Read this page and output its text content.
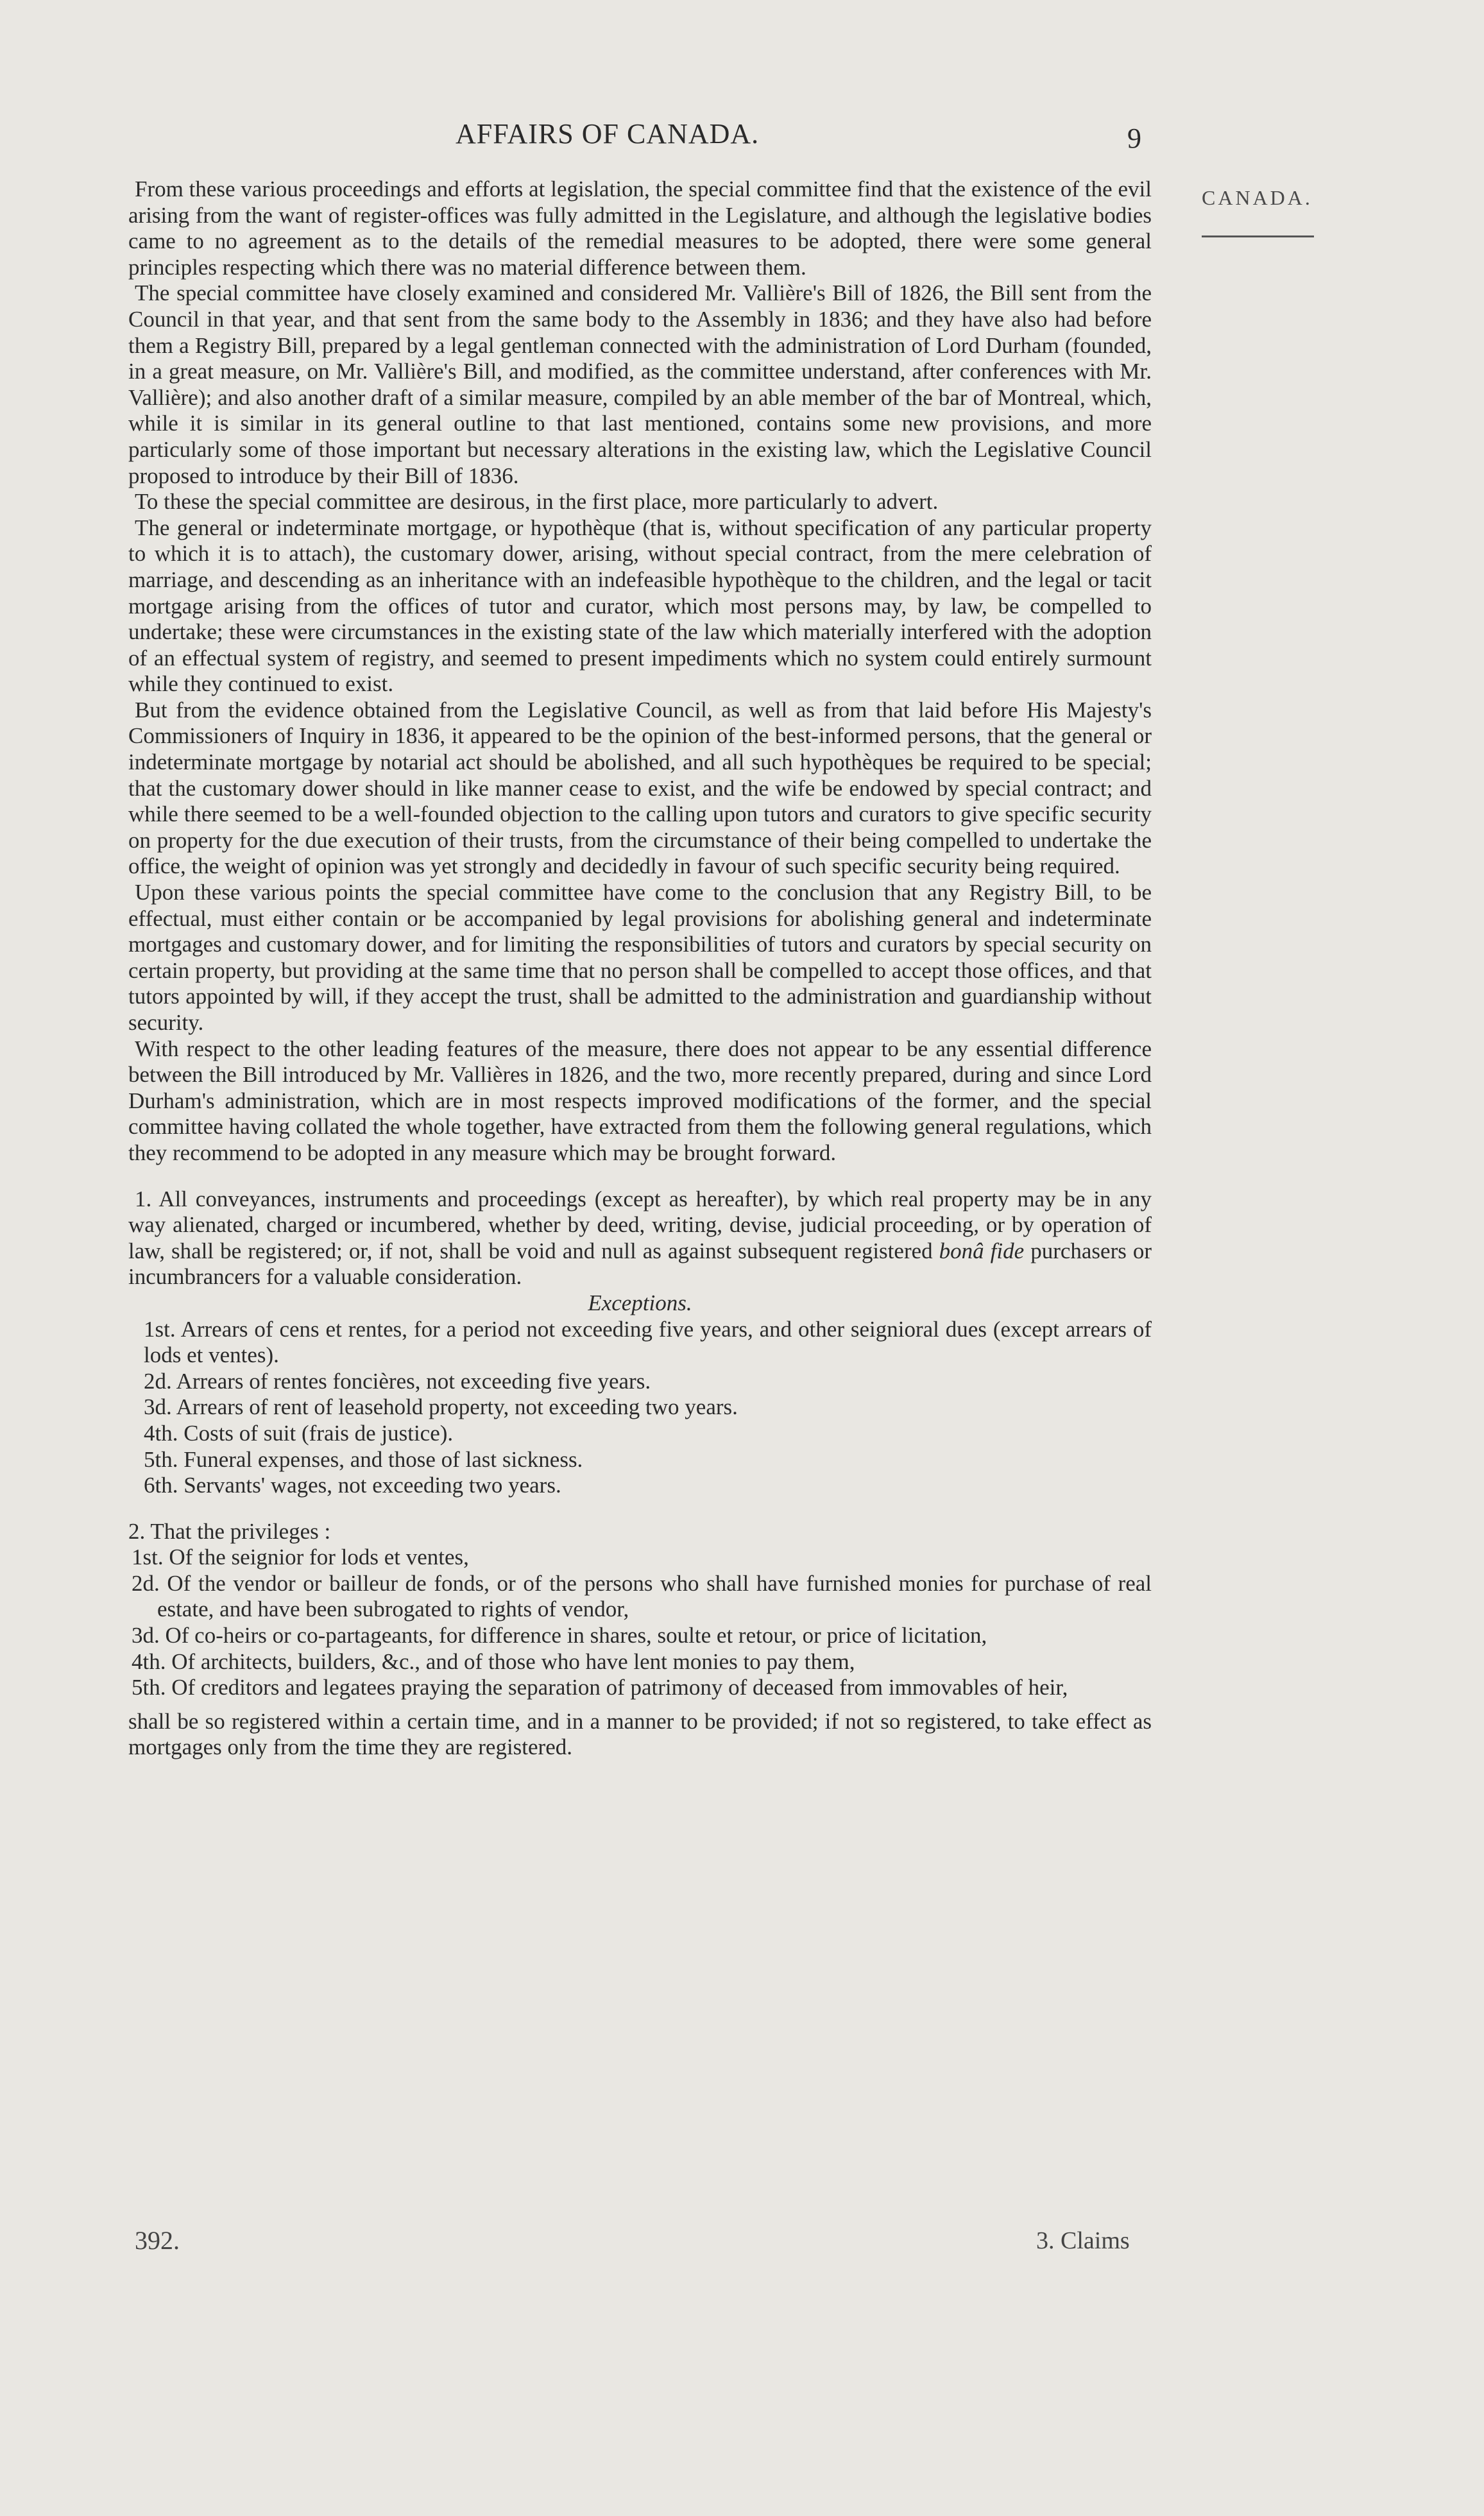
AFFAIRS OF CANADA.	9
CANADA.

From these various proceedings and efforts at legislation, the special committee find that the existence of the evil arising from the want of register-offices was fully admitted in the Legislature, and although the legislative bodies came to no agreement as to the details of the remedial measures to be adopted, there were some general principles respecting which there was no material difference between them.

The special committee have closely examined and considered Mr. Vallière's Bill of 1826, the Bill sent from the Council in that year, and that sent from the same body to the Assembly in 1836; and they have also had before them a Registry Bill, prepared by a legal gentleman connected with the administration of Lord Durham (founded, in a great measure, on Mr. Vallière's Bill, and modified, as the committee understand, after conferences with Mr. Vallière); and also another draft of a similar measure, compiled by an able member of the bar of Montreal, which, while it is similar in its general outline to that last mentioned, contains some new provisions, and more particularly some of those important but necessary alterations in the existing law, which the Legislative Council proposed to introduce by their Bill of 1836.

To these the special committee are desirous, in the first place, more particularly to advert.

The general or indeterminate mortgage, or hypothèque (that is, without specification of any particular property to which it is to attach), the customary dower, arising, without special contract, from the mere celebration of marriage, and descending as an inheritance with an indefeasible hypothèque to the children, and the legal or tacit mortgage arising from the offices of tutor and curator, which most persons may, by law, be compelled to undertake; these were circumstances in the existing state of the law which materially interfered with the adoption of an effectual system of registry, and seemed to present impediments which no system could entirely surmount while they continued to exist.

But from the evidence obtained from the Legislative Council, as well as from that laid before His Majesty's Commissioners of Inquiry in 1836, it appeared to be the opinion of the best-informed persons, that the general or indeterminate mortgage by notarial act should be abolished, and all such hypothèques be required to be special; that the customary dower should in like manner cease to exist, and the wife be endowed by special contract; and while there seemed to be a well-founded objection to the calling upon tutors and curators to give specific security on property for the due execution of their trusts, from the circumstance of their being compelled to undertake the office, the weight of opinion was yet strongly and decidedly in favour of such specific security being required.

Upon these various points the special committee have come to the conclusion that any Registry Bill, to be effectual, must either contain or be accompanied by legal provisions for abolishing general and indeterminate mortgages and customary dower, and for limiting the responsibilities of tutors and curators by special security on certain property, but providing at the same time that no person shall be compelled to accept those offices, and that tutors appointed by will, if they accept the trust, shall be admitted to the administration and guardianship without security.

With respect to the other leading features of the measure, there does not appear to be any essential difference between the Bill introduced by Mr. Vallières in 1826, and the two, more recently prepared, during and since Lord Durham's administration, which are in most respects improved modifications of the former, and the special committee having collated the whole together, have extracted from them the following general regulations, which they recommend to be adopted in any measure which may be brought forward.

1. All conveyances, instruments and proceedings (except as hereafter), by which real property may be in any way alienated, charged or incumbered, whether by deed, writing, devise, judicial proceeding, or by operation of law, shall be registered; or, if not, shall be void and null as against subsequent registered bonâ fide purchasers or incumbrancers for a valuable consideration.

Exceptions.

1st. Arrears of cens et rentes, for a period not exceeding five years, and other seignioral dues (except arrears of lods et ventes).
2d. Arrears of rentes foncières, not exceeding five years.
3d. Arrears of rent of leasehold property, not exceeding two years.
4th. Costs of suit (frais de justice).
5th. Funeral expenses, and those of last sickness.
6th. Servants' wages, not exceeding two years.

2. That the privileges :

1st. Of the seignior for lods et ventes,
2d. Of the vendor or bailleur de fonds, or of the persons who shall have furnished monies for purchase of real estate, and have been subrogated to rights of vendor,
3d. Of co-heirs or co-partageants, for difference in shares, soulte et retour, or price of licitation,
4th. Of architects, builders, &c., and of those who have lent monies to pay them,
5th. Of creditors and legatees praying the separation of patrimony of deceased from immovables of heir,

shall be so registered within a certain time, and in a manner to be provided; if not so registered, to take effect as mortgages only from the time they are registered.

392.	3. Claims
